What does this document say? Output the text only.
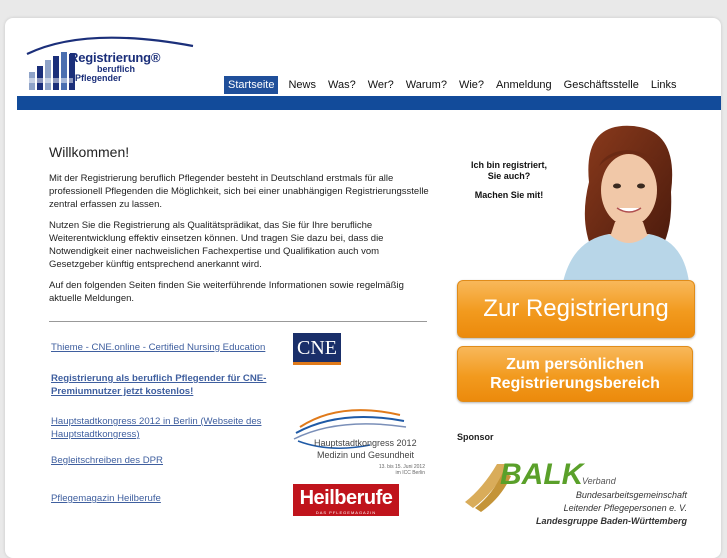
Registrierung®
beruflich
Pflegender
Startseite	News	Was?	Wer?	Warum?	Wie?	Anmeldung	Geschäftsstelle	Links
Willkommen!

Mit der Registrierung beruflich Pflegender besteht in Deutschland erstmals für alle professionell Pflegenden die Möglichkeit, sich bei einer unabhängigen Registrierungsstelle zentral erfassen zu lassen.

Nutzen Sie die Registrierung als Qualitätsprädikat, das Sie für Ihre berufliche Weiterentwicklung effektiv einsetzen können. Und tragen Sie dazu bei, dass die Notwendigkeit einer nachweislichen Fachexpertise und Qualifikation auch vom Gesetzgeber künftig entsprechend anerkannt wird.

Auf den folgenden Seiten finden Sie weiterführende Informationen sowie regelmäßig aktuelle Meldungen.

Thieme - CNE.online - Certified Nursing Education
Registrierung als beruflich Pflegender für CNE-Premiumnutzer jetzt kostenlos!
Hauptstadtkongress 2012 in Berlin (Webseite des Hauptstadtkongress)
Begleitschreiben des DPR
Pflegemagazin Heilberufe
CNE
Hauptstadtkongress 2012
Medizin und Gesundheit
13. bis 15. Juni 2012 im ICC Berlin
Heilberufe
DAS PFLEGEMAGAZIN
Ich bin registriert,
Sie auch?
Machen Sie mit!
Zur Registrierung
Zum persönlichen
Registrierungsbereich
Sponsor
BALK
Verband
Bundesarbeitsgemeinschaft
Leitender Pflegepersonen e. V.
Landesgruppe Baden-Württemberg
